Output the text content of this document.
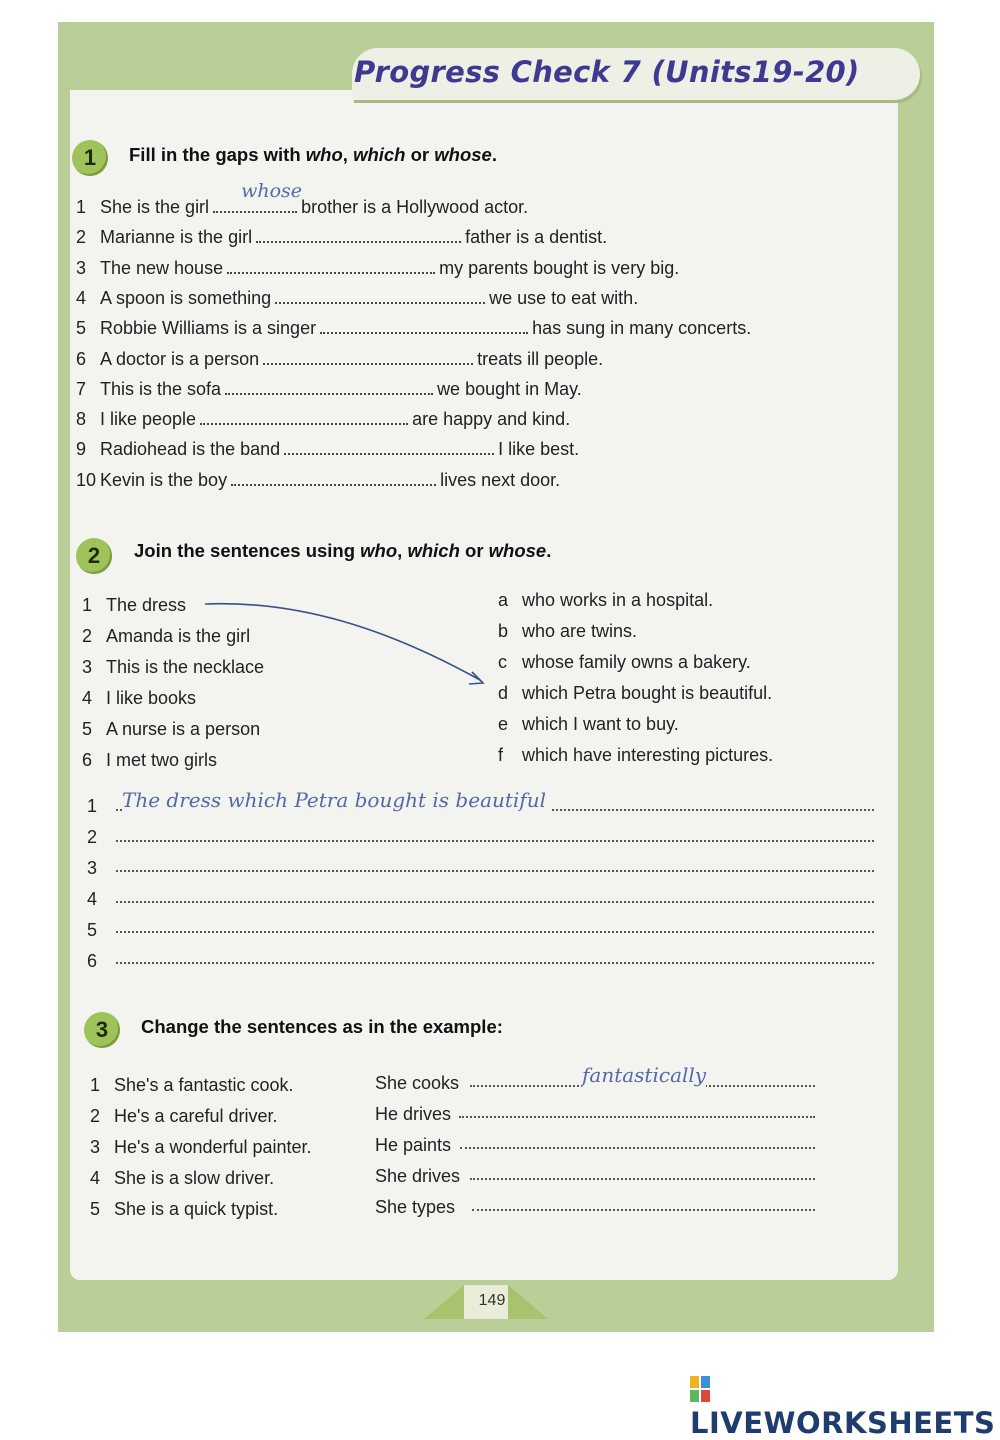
Progress Check 7 (Units19-20)
1	Fill in the gaps with who, which or whose.
1 She is the girl
whose
brother is a Hollywood actor.
2 Marianne is the girl	father is a dentist.
3 The new house	my parents bought is very big.
4 A spoon is something	we use to eat with.
5 Robbie Williams is a singer	has sung in many concerts.
6 A doctor is a person	treats ill people.
7 This is the sofa	we bought in May.
8 I like people	are happy and kind.
9 Radiohead is the band	I like best.
10 Kevin is the boy	lives next door.
2	Join the sentences using who, which or whose.
1 The dress
2 Amanda is the girl
3 This is the necklace
4 I like books
5 A nurse is a person
6 I met two girls
a who works in a hospital.
b who are twins.
c whose family owns a bakery.
d which Petra bought is beautiful.
e which I want to buy.
f which have interesting pictures.
1 The dress which Petra bought is beautiful
2
3
4
5
6
3	Change the sentences as in the example:
1 She's a fantastic cook.	She cooks	fantastically
2 He's a careful driver.	He drives
3 He's a wonderful painter.	He paints
4 She is a slow driver.	She drives
5 She is a quick typist.	She types
149
LIVEWORKSHEETS
